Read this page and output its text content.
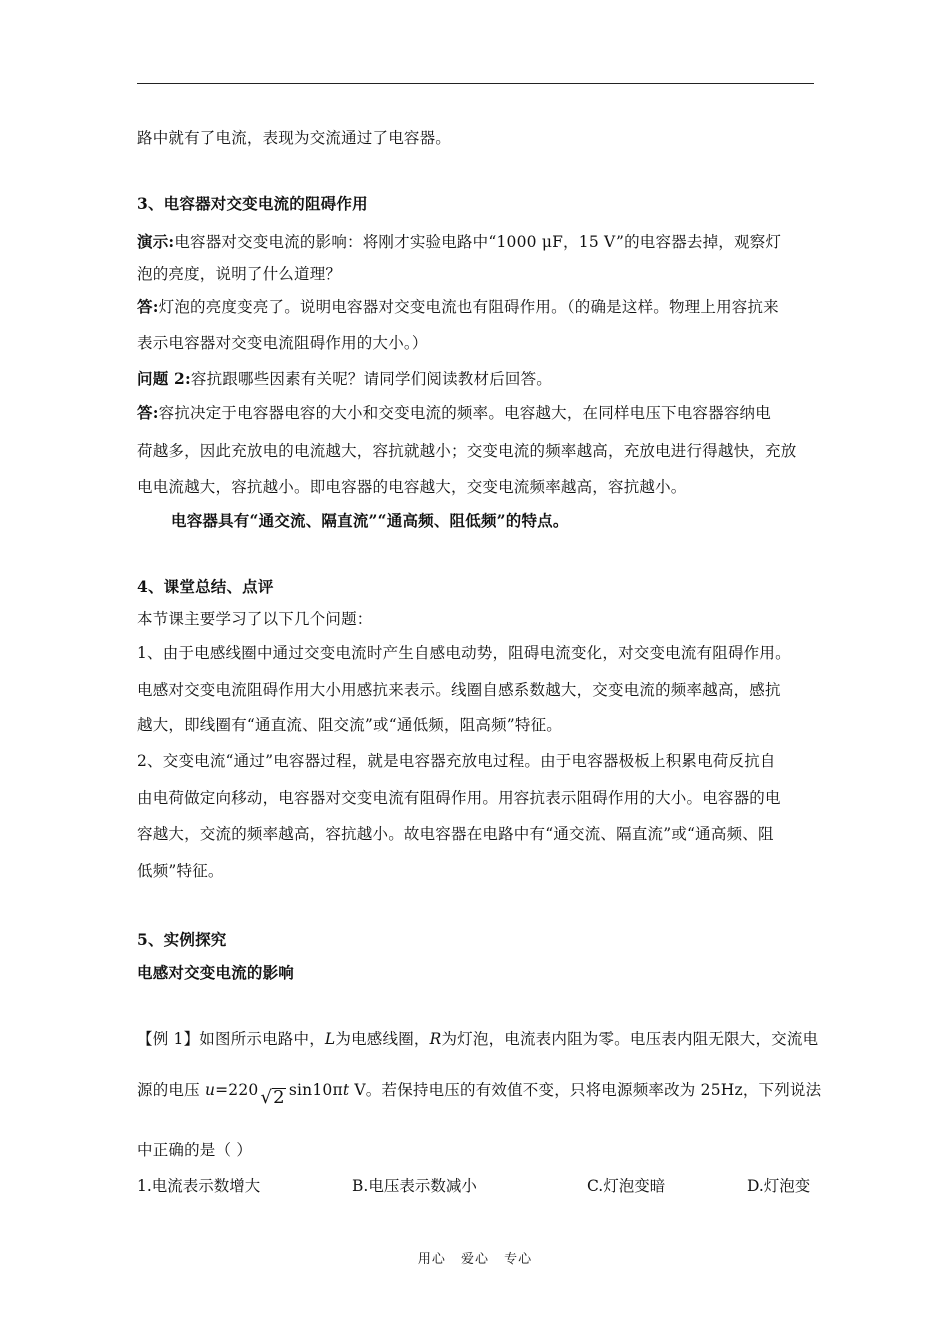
路中就有了电流，表现为交流通过了电容器。
3、电容器对交变电流的阻碍作用
演示:电容器对交变电流的影响：将刚才实验电路中“1000 μF，15 V”的电容器去掉，观察灯
泡的亮度，说明了什么道理？
答:灯泡的亮度变亮了。说明电容器对交变电流也有阻碍作用。（的确是这样。物理上用容抗来
表示电容器对交变电流阻碍作用的大小。）
问题 2:容抗跟哪些因素有关呢？请同学们阅读教材后回答。
答:容抗决定于电容器电容的大小和交变电流的频率。电容越大，在同样电压下电容器容纳电
荷越多，因此充放电的电流越大，容抗就越小；交变电流的频率越高，充放电进行得越快，充放
电电流越大，容抗越小。即电容器的电容越大，交变电流频率越高，容抗越小。
电容器具有“通交流、隔直流”“通高频、阻低频”的特点。
4、课堂总结、点评
本节课主要学习了以下几个问题：
1、由于电感线圈中通过交变电流时产生自感电动势，阻碍电流变化，对交变电流有阻碍作用。
电感对交变电流阻碍作用大小用感抗来表示。线圈自感系数越大，交变电流的频率越高，感抗
越大，即线圈有“通直流、阻交流”或“通低频，阻高频”特征。
2、交变电流“通过”电容器过程，就是电容器充放电过程。由于电容器极板上积累电荷反抗自
由电荷做定向移动，电容器对交变电流有阻碍作用。用容抗表示阻碍作用的大小。电容器的电
容越大，交流的频率越高，容抗越小。故电容器在电路中有“通交流、隔直流”或“通高频、阻
低频”特征。
5、实例探究
电感对交变电流的影响
【例 1】如图所示电路中，L为电感线圈，R为灯泡，电流表内阻为零。电压表内阻无限大，交流电
源的电压 u=220 √2 sin10πt V。若保持电压的有效值不变，只将电源频率改为 25Hz，下列说法
中正确的是（ ）
1.电流表示数增大	B.电压表示数减小	C.灯泡变暗	D.灯泡变
用心 爱心 专心
